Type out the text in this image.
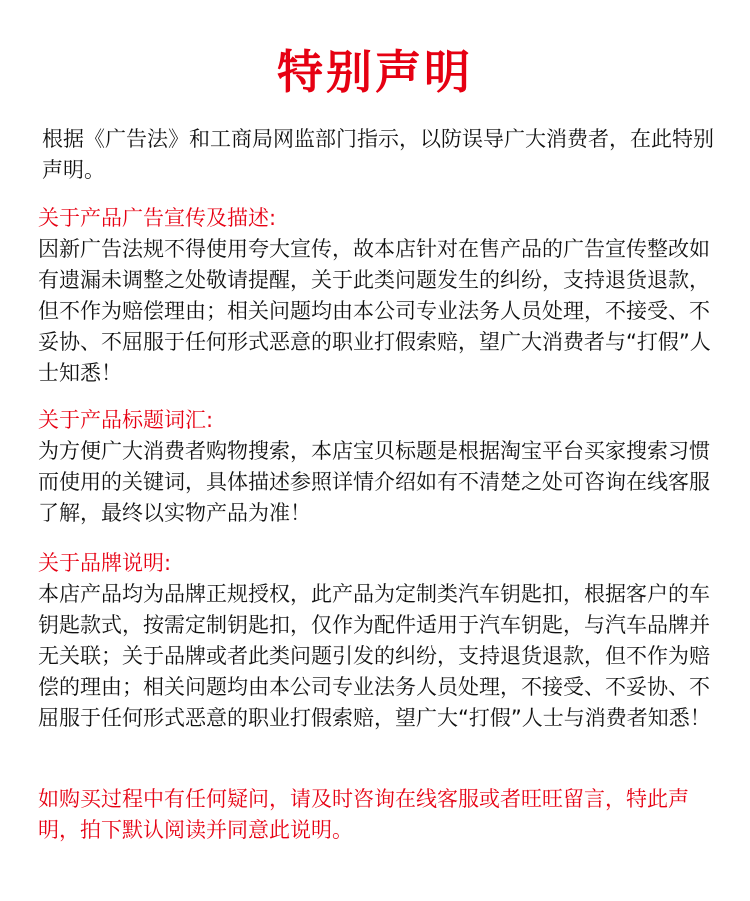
特别声明
根据《广告法》和工商局网监部门指示，以防误导广大消费者，在此特别声明。
关于产品广告宣传及描述:
因新广告法规不得使用夸大宣传，故本店针对在售产品的广告宣传整改如有遗漏未调整之处敬请提醒，关于此类问题发生的纠纷，支持退货退款，但不作为赔偿理由；相关问题均由本公司专业法务人员处理，不接受、不妥协、不屈服于任何形式恶意的职业打假索赔，望广大消费者与“打假”人士知悉！
关于产品标题词汇:
为方便广大消费者购物搜索，本店宝贝标题是根据淘宝平台买家搜索习惯而使用的关键词，具体描述参照详情介绍如有不清楚之处可咨询在线客服了解，最终以实物产品为准！
关于品牌说明:
本店产品均为品牌正规授权，此产品为定制类汽车钥匙扣，根据客户的车钥匙款式，按需定制钥匙扣，仅作为配件适用于汽车钥匙，与汽车品牌并无关联；关于品牌或者此类问题引发的纠纷，支持退货退款，但不作为赔偿的理由；相关问题均由本公司专业法务人员处理，不接受、不妥协、不屈服于任何形式恶意的职业打假索赔，望广大“打假”人士与消费者知悉！
如购买过程中有任何疑问，请及时咨询在线客服或者旺旺留言，特此声明，拍下默认阅读并同意此说明。
